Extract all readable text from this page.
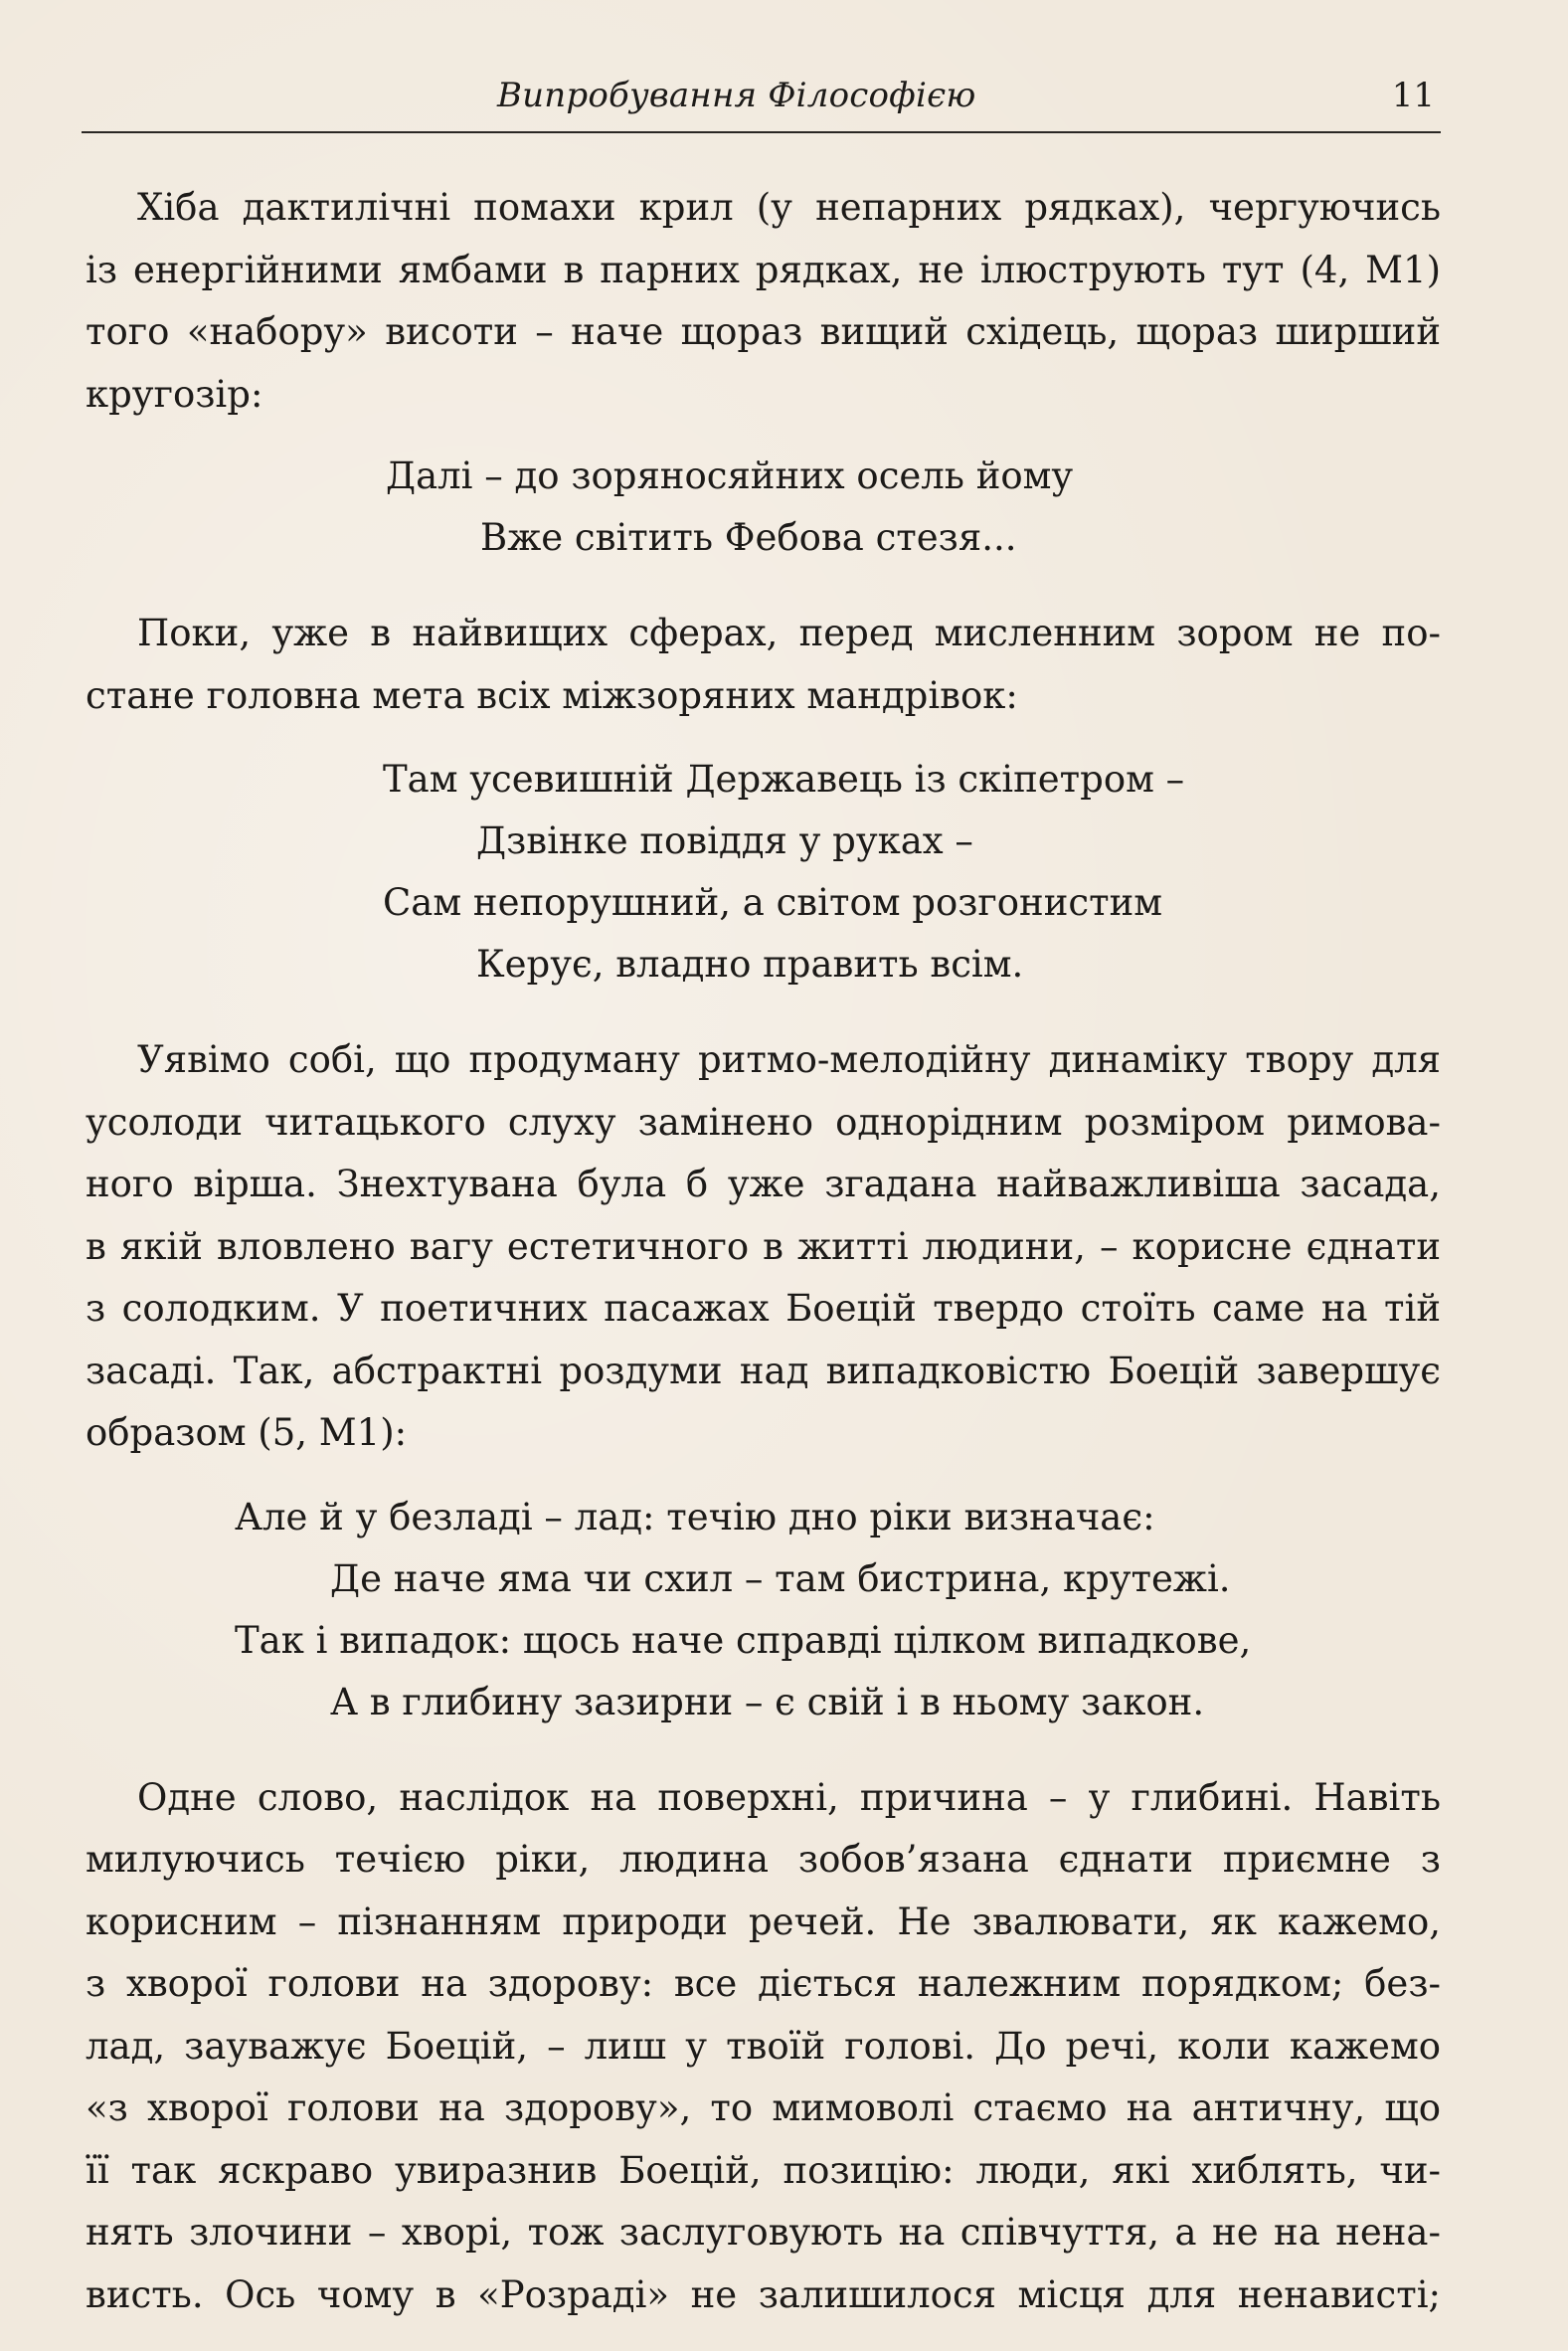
Випробування Філософією	11

Хіба дактилічні помахи крил (у непарних рядках), чергуючись
із енергійними ямбами в парних рядках, не ілюструють тут (4, М1)
того «набору» висоти – наче щораз вищий східець, щораз ширший
кругозір:

Далі – до зоряносяйних осель йому
Вже світить Фебова стезя...

Поки, уже в найвищих сферах, перед мисленним зором не по-
стане головна мета всіх міжзоряних мандрівок:

Там усевишній Державець із скіпетром –
Дзвінке повіддя у руках –
Сам непорушний, а світом розгонистим
Керує, владно править всім.

Уявімо собі, що продуману ритмо-мелодійну динаміку твору для
усолоди читацького слуху замінено однорідним розміром римова-
ного вірша. Знехтувана була б уже згадана найважливіша засада,
в якій вловлено вагу естетичного в житті людини, – корисне єднати
з солодким. У поетичних пасажах Боецій твердо стоїть саме на тій
засаді. Так, абстрактні роздуми над випадковістю Боецій завершує
образом (5, М1):

Але й у безладі – лад: течію дно ріки визначає:
Де наче яма чи схил – там бистрина, крутежі.
Так і випадок: щось наче справді цілком випадкове,
А в глибину зазирни – є свій і в ньому закон.

Одне слово, наслідок на поверхні, причина – у глибині. Навіть
милуючись течією ріки, людина зобов’язана єднати приємне з
корисним – пізнанням природи речей. Не звалювати, як кажемо,
з хворої голови на здорову: все діється належним порядком; без-
лад, зауважує Боецій, – лиш у твоїй голові. До речі, коли кажемо
«з хворої голови на здорову», то мимоволі стаємо на античну, що
її так яскраво увиразнив Боецій, позицію: люди, які хиблять, чи-
нять злочини – хворі, тож заслуговують на співчуття, а не на нена-
висть. Ось чому в «Розраді» не залишилося місця для ненависті;
